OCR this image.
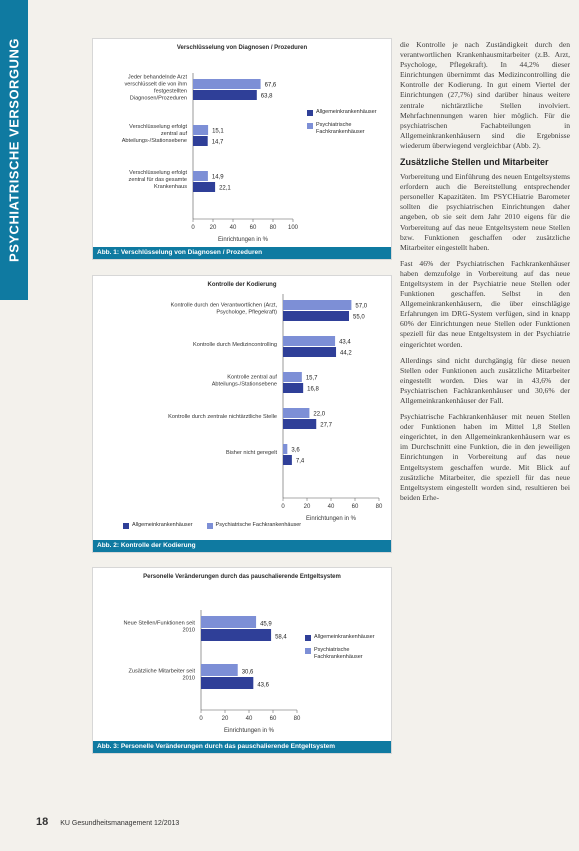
PSYCHIATRISCHE VERSORGUNG	Verschlüsselung von Diagnosen / Prozeduren
0 20 40 60 80 100
Einrichtungen in %
Jeder behandelnde Arzt
verschlüsselt die von ihm
festgestellten
Diagnosen/Prozeduren
67,6
63,8
Verschlüsselung erfolgt
zentral auf
Abteilungs-/Stationsebene
15,1
14,7
Verschlüsselung erfolgt
zentral für das gesamte
Krankenhaus
14,9
22,1
Allgemeinkrankenhäuser
Psychiatrische Fachkrankenhäuser
Abb. 1: Verschlüsselung von Diagnosen / Prozeduren
Kontrolle der Kodierung
0	20	40	60	80
Einrichtungen in %
Kontrolle durch den Verantwortlichen (Arzt,
Psychologe, Pflegekraft)
57,0
55,0
Kontrolle durch Medizincontrolling	43,4
44,2
Kontrolle zentral auf
Abteilungs-/Stationsebene
15,7
16,8
Kontrolle durch zentrale nichtärztliche Stelle	22,0
27,7
Bisher nicht geregelt 3,6
7,4
Allgemeinkrankenhäuser	Psychiatrische Fachkrankenhäuser
Abb. 2: Kontrolle der Kodierung
Personelle Veränderungen durch das pauschalierende Entgeltsystem
0	20	40	60	80
Einrichtungen in %
Neue Stellen/Funktionen seit
2010
45,9
58,4
Zusätzliche Mitarbeiter seit
2010
30,6
43,6
Allgemeinkrankenhäuser
Psychiatrische Fachkrankenhäuser
Abb. 3: Personelle Veränderungen durch das pauschalierende Entgeltsystem

die Kontrolle je nach Zuständigkeit durch den verantwortlichen Krankenhausmitarbeiter (z.B. Arzt, Psychologe, Pflegekraft). In 44,2% dieser Einrichtungen übernimmt das Medizincontrolling die Kontrolle der Kodierung. In gut einem Viertel der Einrichtungen (27,7%) sind darüber hinaus weitere zentrale nichtärztliche Stellen involviert. Mehrfachnennungen waren hier möglich. Für die psychiatrischen Fachabteilungen in Allgemeinkrankenhäusern sind die Ergebnisse wiederum überwiegend vergleichbar (Abb. 2).

Zusätzliche Stellen und Mitarbeiter

Vorbereitung und Einführung des neuen Entgeltsystems erfordern auch die Bereitstellung entsprechender personeller Kapazitäten. Im PSYCHiatrie Barometer sollten die psychiatrischen Einrichtungen daher angeben, ob sie seit dem Jahr 2010 eigens für die Vorbereitung auf das neue Entgeltsystem neue Stellen bzw. Funktionen geschaffen oder zusätzliche Mitarbeiter eingestellt haben.

Fast 46% der Psychiatrischen Fachkrankenhäuser haben demzufolge in Vorbereitung auf das neue Entgeltsystem in der Psychiatrie neue Stellen oder Funktionen geschaffen. Selbst in den Allgemeinkrankenhäusern, die über einschlägige Erfahrungen im DRG-System verfügen, sind in knapp 60% der Einrichtungen neue Stellen oder Funktionen speziell für das neue Entgeltsystem in der Psychiatrie eingerichtet worden.

Allerdings sind nicht durchgängig für diese neuen Stellen oder Funktionen auch zusätzliche Mitarbeiter eingestellt worden. Dies war in 43,6% der Psychiatrischen Fachkrankenhäuser und 30,6% der Allgemeinkrankenhäuser der Fall.

Psychiatrische Fachkrankenhäuser mit neuen Stellen oder Funktionen haben im Mittel 1,8 Stellen eingerichtet, in den Allgemeinkrankenhäusern war es im Durchschnitt eine Funktion, die in den jeweiligen Einrichtungen in Vorbereitung auf das neue Entgeltsystem geschaffen wurde. Mit Blick auf zusätzliche Mitarbeiter, die speziell für das neue Entgeltsystem eingestellt worden sind, resultieren bei beiden Erhe-

18 KU Gesundheitsmanagement 12/2013
